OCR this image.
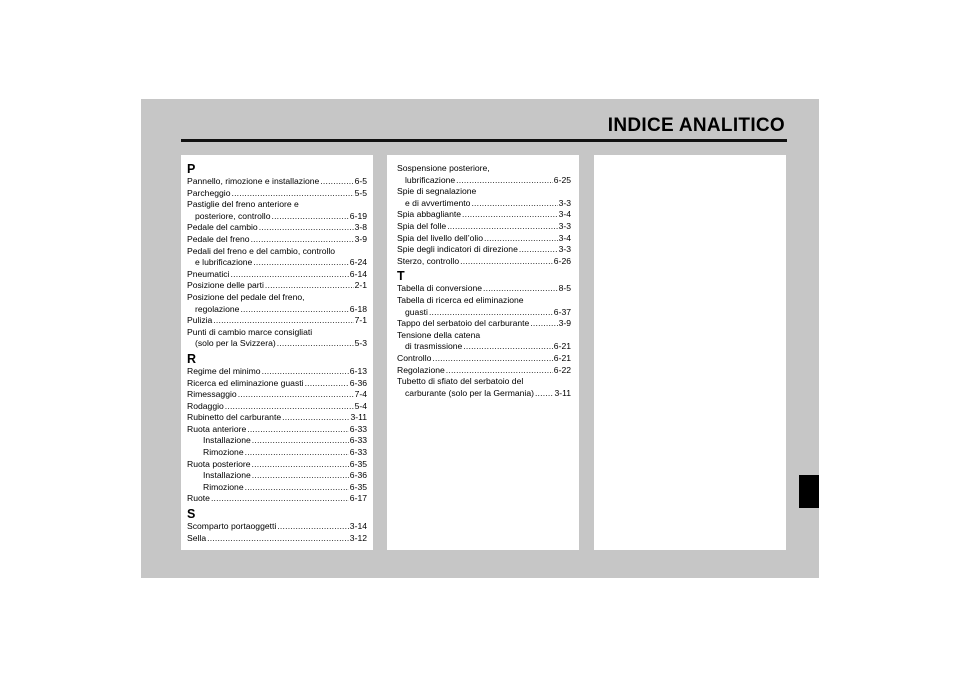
INDICE ANALITICO
P
Pannello, rimozione e installazione .....	6-5
Parcheggio .....	5-5
Pastiglie del freno anteriore e
posteriore, controllo .....	6-19
Pedale del cambio .....	3-8
Pedale del freno .....	3-9
Pedali del freno e del cambio, controllo
e lubrificazione .....	6-24
Pneumatici .....	6-14
Posizione delle parti .....	2-1
Posizione del pedale del freno,
regolazione .....	6-18
Pulizia .....	7-1
Punti di cambio marce consigliati
(solo per la Svizzera) .....	5-3
R
Regime del minimo .....	6-13
Ricerca ed eliminazione guasti .....	6-36
Rimessaggio .....	7-4
Rodaggio .....	5-4
Rubinetto del carburante .....	3-11
Ruota anteriore .....	6-33
Installazione .....	6-33
Rimozione .....	6-33
Ruota posteriore .....	6-35
Installazione .....	6-36
Rimozione .....	6-35
Ruote .....	6-17
S
Scomparto portaoggetti .....	3-14
Sella .....	3-12
Sospensione posteriore,
lubrificazione .....	6-25
Spie di segnalazione
e di avvertimento .....	3-3
Spia abbagliante .....	3-4
Spia del folle .....	3-3
Spia del livello dell’olio .....	3-4
Spie degli indicatori di direzione .....	3-3
Sterzo, controllo .....	6-26
T
Tabella di conversione .....	8-5
Tabella di ricerca ed eliminazione
guasti .....	6-37
Tappo del serbatoio del carburante .....	3-9
Tensione della catena
di trasmissione .....	6-21
Controllo .....	6-21
Regolazione .....	6-22
Tubetto di sfiato del serbatoio del
carburante (solo per la Germania) ..... 3-11
